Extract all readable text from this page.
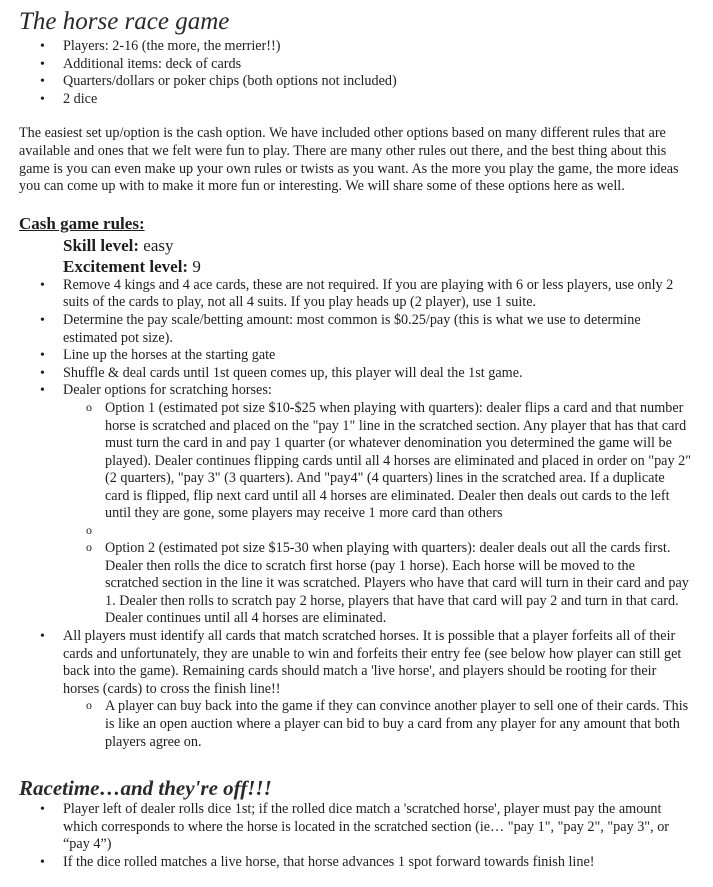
The horse race game
• Players: 2-16 (the more, the merrier!!)
• Additional items: deck of cards
• Quarters/dollars or poker chips (both options not included)
• 2 dice

The easiest set up/option is the cash option. We have included other options based on many different rules that are available and ones that we felt were fun to play. There are many other rules out there, and the best thing about this game is you can even make up your own rules or twists as you want. As the more you play the game, the more ideas you can come up with to make it more fun or interesting. We will share some of these options here as well.

Cash game rules:
Skill level: easy
Excitement level: 9
• Remove 4 kings and 4 ace cards, these are not required. If you are playing with 6 or less players, use only 2 suits of the cards to play, not all 4 suits. If you play heads up (2 player), use 1 suite.
• Determine the pay scale/betting amount: most common is $0.25/pay (this is what we use to determine estimated pot size).
• Line up the horses at the starting gate
• Shuffle & deal cards until 1st queen comes up, this player will deal the 1st game.
• Dealer options for scratching horses:
o Option 1 (estimated pot size $10-$25 when playing with quarters): dealer flips a card and that number horse is scratched and placed on the "pay 1" line in the scratched section. Any player that has that card must turn the card in and pay 1 quarter (or whatever denomination you determined the game will be played). Dealer continues flipping cards until all 4 horses are eliminated and placed in order on "pay 2" (2 quarters), "pay 3" (3 quarters). And "pay4" (4 quarters) lines in the scratched area. If a duplicate card is flipped, flip next card until all 4 horses are eliminated. Dealer then deals out cards to the left until they are gone, some players may receive 1 more card than others
o
o Option 2 (estimated pot size $15-30 when playing with quarters): dealer deals out all the cards first. Dealer then rolls the dice to scratch first horse (pay 1 horse). Each horse will be moved to the scratched section in the line it was scratched. Players who have that card will turn in their card and pay 1. Dealer then rolls to scratch pay 2 horse, players that have that card will pay 2 and turn in that card. Dealer continues until all 4 horses are eliminated.
• All players must identify all cards that match scratched horses. It is possible that a player forfeits all of their cards and unfortunately, they are unable to win and forfeits their entry fee (see below how player can still get back into the game). Remaining cards should match a 'live horse', and players should be rooting for their horses (cards) to cross the finish line!!
o A player can buy back into the game if they can convince another player to sell one of their cards. This is like an open auction where a player can bid to buy a card from any player for any amount that both players agree on.
Racetime…and they're off!!!
• Player left of dealer rolls dice 1st; if the rolled dice match a 'scratched horse', player must pay the amount which corresponds to where the horse is located in the scratched section (ie… "pay 1", "pay 2", "pay 3", or “pay 4”)
• If the dice rolled matches a live horse, that horse advances 1 spot forward towards finish line!
